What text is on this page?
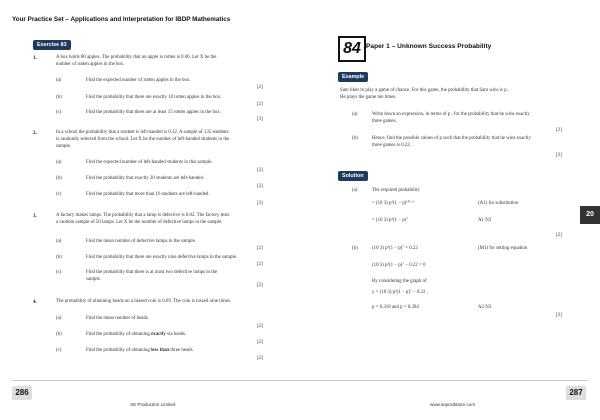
Your Practice Set – Applications and Interpretation for IBDP Mathematics
Exercise 83
1.	A box holds 80 apples. The probability that an apple is rotten is 0.06. Let X be the
number of rotten apples in the box.
(a)	Find the expected number of rotten apples in the box.
[2]
(b)	Find the probability that there are exactly 10 rotten apples in the box.
[2]
(c)	Find the probability that there are at least 15 rotten apples in the box.
[3]
2.	In a school the probability that a student is left-handed is 0.12. A sample of 135 students
is randomly selected from the school. Let X be the number of left-handed students in the
sample.
(a)	Find the expected number of left-handed students in this sample.
[2]
(b)	Find the probability that exactly 20 students are left-handed.
[2]
(c)	Find the probability that more than 16 students are left-handed.
[3]
3.	A factory makes lamps. The probability that a lamp is defective is 0.02. The factory tests
a random sample of 50 lamps. Let X be the number of defective lamps in the sample.
(a)	Find the mean number of defective lamps in the sample.
[2]
(b)	Find the probability that there are exactly nine defective lamps in the sample.
[2]
(c)	Find the probability that there is at most two defective lamps in the
sample.
[2]
4.	The probability of obtaining heads on a biased coin is 0.69. The coin is tossed nine times.
(a)	Find the mean number of heads.
[2]
(b)	Find the probability of obtaining exactly six heads.
[2]
(c)	Find the probability of obtaining less than three heads.
[2]
84 Paper 1 – Unknown Success Probability
Example
Sam likes to play a game of chance. For this game, the probability that Sam wins is p .
He plays the game ten times.
(a)	Write down an expression, in terms of p , for the probability that he wins exactly
three games.
[2]
(b)	Hence, find the possible values of p such that the probability that he wins exactly
three games is 0.22.
[3]
Solution
(a)	The required probability
= (10 3) p³(1 − p)¹⁰⁻³
= (10 3) p³(1 − p)⁷
(A1) for substitution
A1 N2
[2]
(b)	(10 3) p³(1 − p)⁷ = 0.22	(M1) for setting equation
(10 3) p³(1 − p)⁷ − 0.22 = 0
By considering the graph of
y = (10 3) p³(1 − p)⁷ − 0.22 ,
p = 0.318 and p = 0.394	A2 N3
[3]
20
286	287
SE Production Limited	www.seprodstore.com
